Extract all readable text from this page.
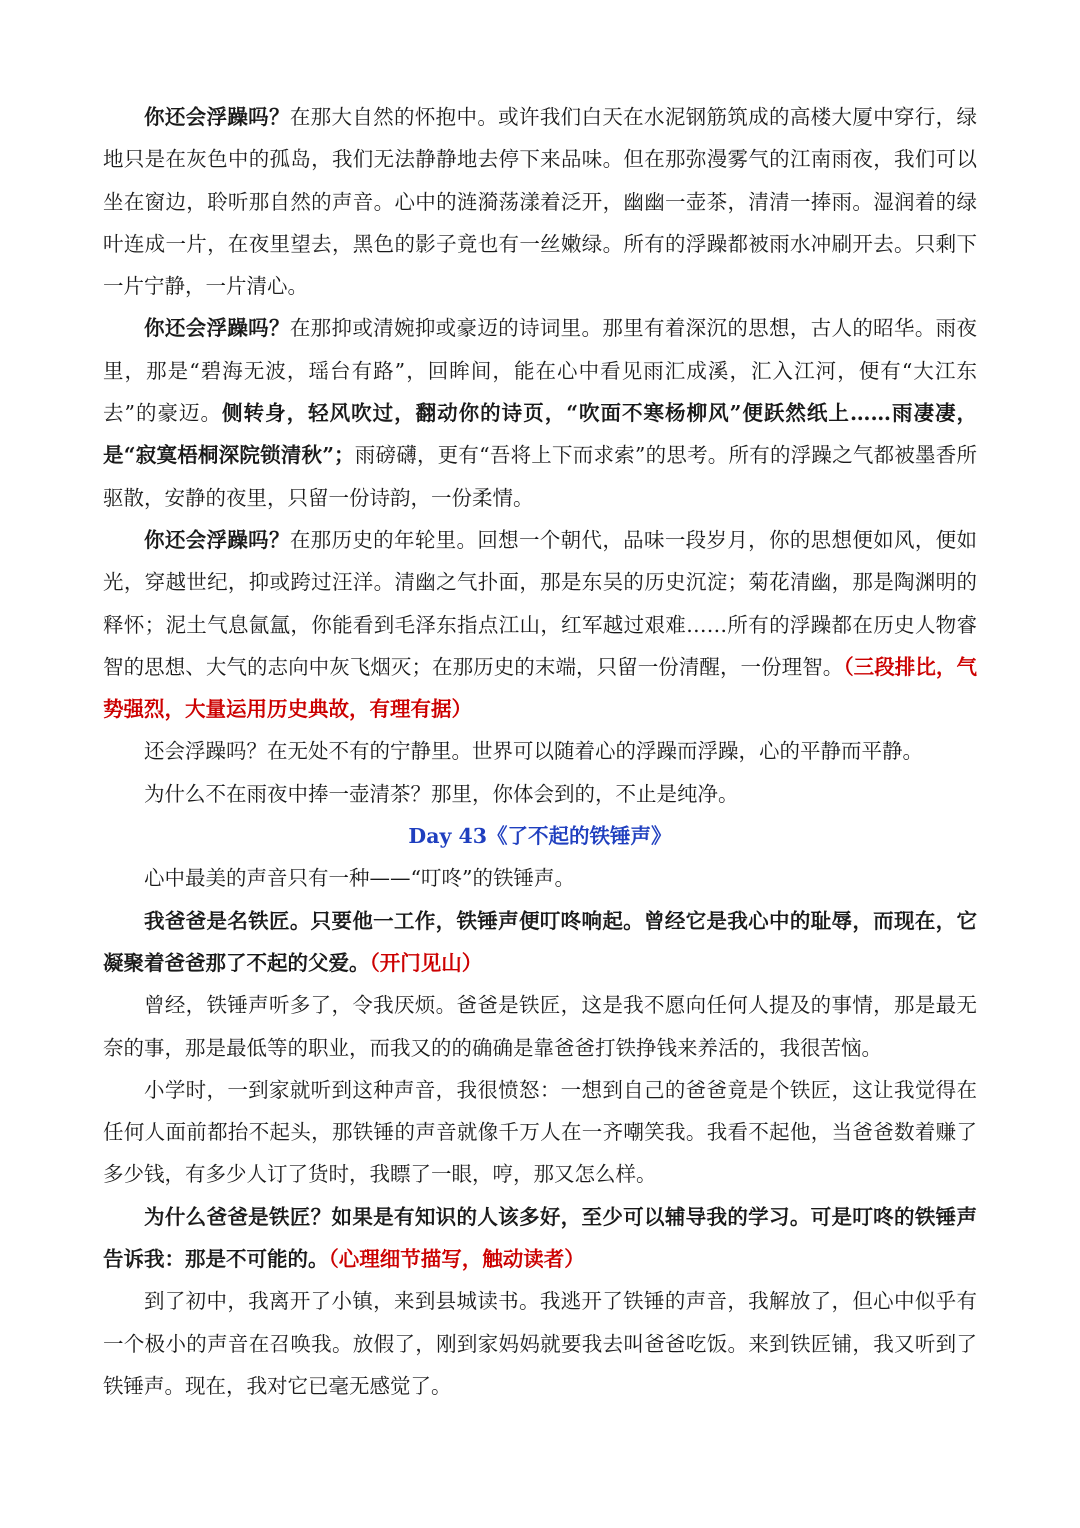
你还会浮躁吗？在那大自然的怀抱中。或许我们白天在水泥钢筋筑成的高楼大厦中穿行，绿地只是在灰色中的孤岛，我们无法静静地去停下来品味。但在那弥漫雾气的江南雨夜，我们可以坐在窗边，聆听那自然的声音。心中的涟漪荡漾着泛开，幽幽一壶茶，清清一捧雨。湿润着的绿叶连成一片，在夜里望去，黑色的影子竟也有一丝嫩绿。所有的浮躁都被雨水冲刷开去。只剩下一片宁静，一片清心。

你还会浮躁吗？在那抑或清婉抑或豪迈的诗词里。那里有着深沉的思想，古人的昭华。雨夜里，那是“碧海无波，瑶台有路”，回眸间，能在心中看见雨汇成溪，汇入江河，便有“大江东去”的豪迈。侧转身，轻风吹过，翻动你的诗页，“吹面不寒杨柳风”便跃然纸上……雨凄凄，是“寂寞梧桐深院锁清秋”；雨磅礴，更有“吾将上下而求索”的思考。所有的浮躁之气都被墨香所驱散，安静的夜里，只留一份诗韵，一份柔情。

你还会浮躁吗？在那历史的年轮里。回想一个朝代，品味一段岁月，你的思想便如风，便如光，穿越世纪，抑或跨过汪洋。清幽之气扑面，那是东吴的历史沉淀；菊花清幽，那是陶渊明的释怀；泥土气息氤氲，你能看到毛泽东指点江山，红军越过艰难……所有的浮躁都在历史人物睿智的思想、大气的志向中灰飞烟灭；在那历史的末端，只留一份清醒，一份理智。（三段排比，气势强烈，大量运用历史典故，有理有据）

还会浮躁吗？在无处不有的宁静里。世界可以随着心的浮躁而浮躁，心的平静而平静。

为什么不在雨夜中捧一壶清茶？那里，你体会到的，不止是纯净。

Day 43《了不起的铁锤声》

心中最美的声音只有一种——“叮咚”的铁锤声。

我爸爸是名铁匠。只要他一工作，铁锤声便叮咚响起。曾经它是我心中的耻辱，而现在，它凝聚着爸爸那了不起的父爱。（开门见山）

曾经，铁锤声听多了，令我厌烦。爸爸是铁匠，这是我不愿向任何人提及的事情，那是最无奈的事，那是最低等的职业，而我又的的确确是靠爸爸打铁挣钱来养活的，我很苦恼。

小学时，一到家就听到这种声音，我很愤怒：一想到自己的爸爸竟是个铁匠，这让我觉得在任何人面前都抬不起头，那铁锤的声音就像千万人在一齐嘲笑我。我看不起他，当爸爸数着赚了多少钱，有多少人订了货时，我瞟了一眼，哼，那又怎么样。

为什么爸爸是铁匠？如果是有知识的人该多好，至少可以辅导我的学习。可是叮咚的铁锤声告诉我：那是不可能的。（心理细节描写，触动读者）

到了初中，我离开了小镇，来到县城读书。我逃开了铁锤的声音，我解放了，但心中似乎有一个极小的声音在召唤我。放假了，刚到家妈妈就要我去叫爸爸吃饭。来到铁匠铺，我又听到了铁锤声。现在，我对它已毫无感觉了。
